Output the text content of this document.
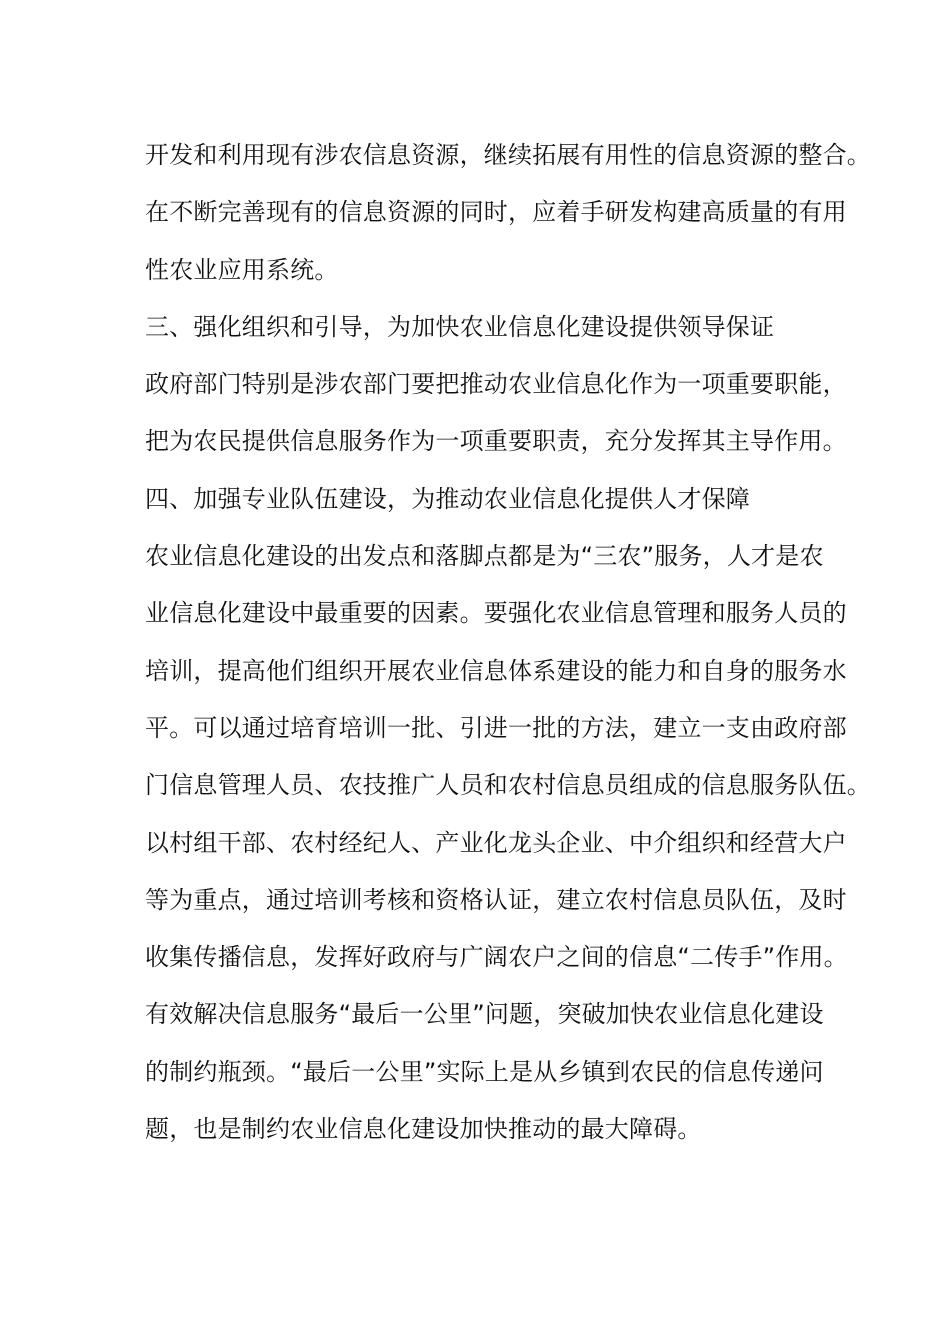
开发和利用现有涉农信息资源，继续拓展有用性的信息资源的整合。
在不断完善现有的信息资源的同时，应着手研发构建高质量的有用
性农业应用系统。
三、强化组织和引导，为加快农业信息化建设提供领导保证
政府部门特别是涉农部门要把推动农业信息化作为一项重要职能，
把为农民提供信息服务作为一项重要职责，充分发挥其主导作用。
四、加强专业队伍建设，为推动农业信息化提供人才保障
农业信息化建设的出发点和落脚点都是为“三农”服务，人才是农
业信息化建设中最重要的因素。要强化农业信息管理和服务人员的
培训，提高他们组织开展农业信息体系建设的能力和自身的服务水
平。可以通过培育培训一批、引进一批的方法，建立一支由政府部
门信息管理人员、农技推广人员和农村信息员组成的信息服务队伍。
以村组干部、农村经纪人、产业化龙头企业、中介组织和经营大户
等为重点，通过培训考核和资格认证，建立农村信息员队伍，及时
收集传播信息，发挥好政府与广阔农户之间的信息“二传手”作用。
有效解决信息服务“最后一公里”问题，突破加快农业信息化建设
的制约瓶颈。“最后一公里”实际上是从乡镇到农民的信息传递问
题，也是制约农业信息化建设加快推动的最大障碍。
